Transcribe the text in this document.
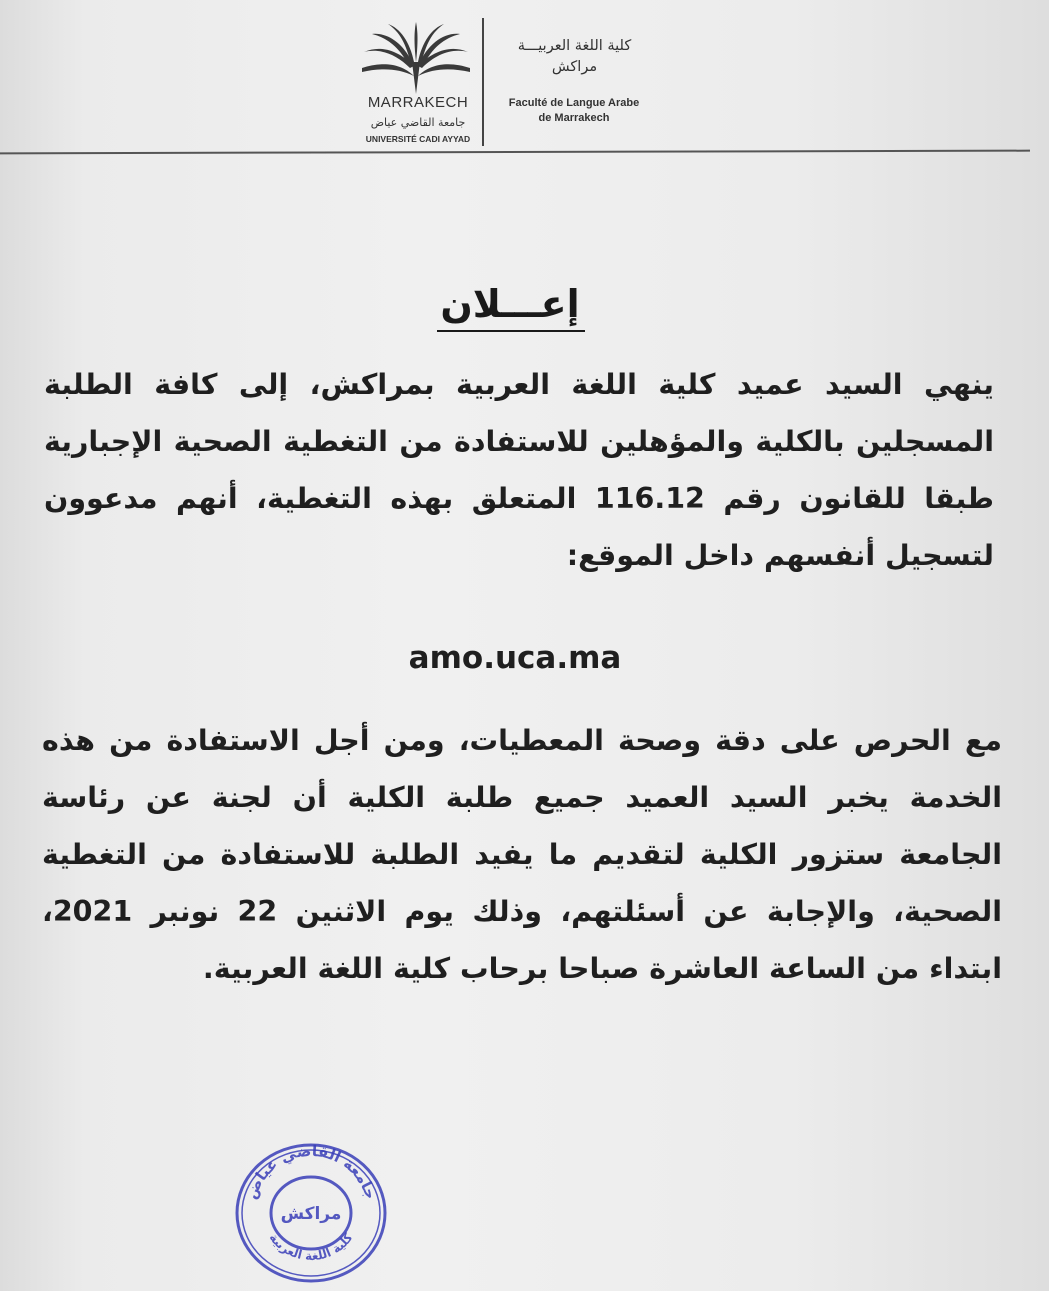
MARRAKECH
جامعة القاضي عياض
UNIVERSITÉ CADI AYYAD
كلية اللغة العربيـــة
مراكش
Faculté de Langue Arabe
de Marrakech
إعـــلان
ينهي السيد عميد كلية اللغة العربية بمراكش، إلى كافة الطلبة المسجلين بالكلية والمؤهلين للاستفادة من التغطية الصحية الإجبارية طبقا للقانون رقم 116.12 المتعلق بهذه التغطية، أنهم مدعوون لتسجيل أنفسهم داخل الموقع:
amo.uca.ma
مع الحرص على دقة وصحة المعطيات، ومن أجل الاستفادة من هذه الخدمة يخبر السيد العميد جميع طلبة الكلية أن لجنة عن رئاسة الجامعة ستزور الكلية لتقديم ما يفيد الطلبة للاستفادة من التغطية الصحية، والإجابة عن أسئلتهم، وذلك يوم الاثنين 22 نونبر 2021، ابتداء من الساعة العاشرة صباحا برحاب كلية اللغة العربية.
جامعة القاضي عياض
مراكش
كلية اللغة العربية
